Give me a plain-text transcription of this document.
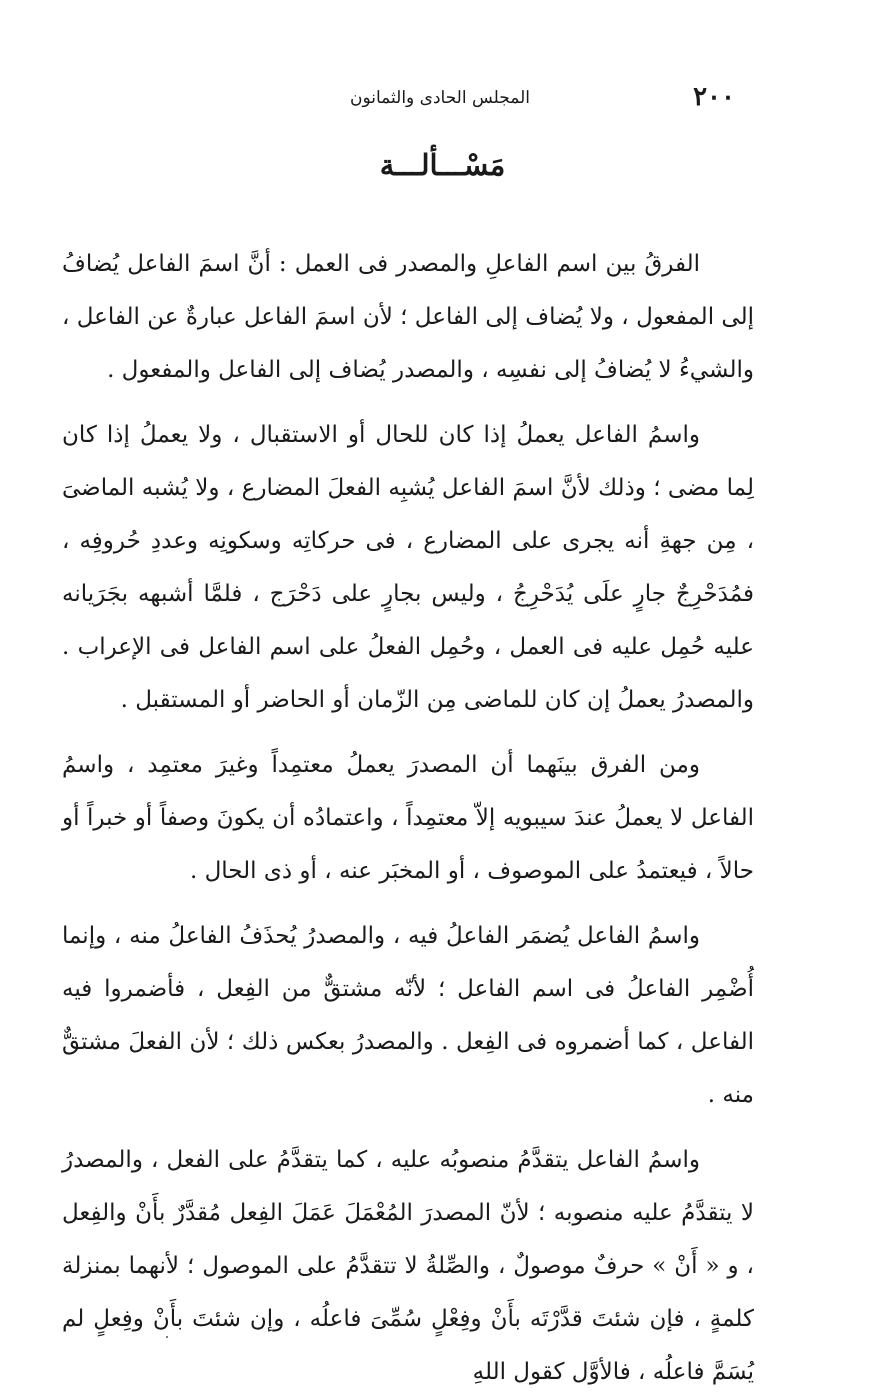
٢٠٠
المجلس الحادى والثمانون
مَسْـــألـــة

الفرقُ بين اسم الفاعلِ والمصدر فى العمل : أنَّ اسمَ الفاعل يُضافُ إلى المفعول ، ولا يُضاف إلى الفاعل ؛ لأن اسمَ الفاعل عبارةٌ عن الفاعل ، والشيءُ لا يُضافُ إلى نفسِه ، والمصدر يُضاف إلى الفاعل والمفعول .

واسمُ الفاعل يعملُ إذا كان للحال أو الاستقبال ، ولا يعملُ إذا كان لِما مضى ؛ وذلك لأنَّ اسمَ الفاعل يُشبِه الفعلَ المضارع ، ولا يُشبه الماضىَ ، مِن جهةِ أنه يجرى على المضارع ، فى حركاتِه وسكونِه وعددِ حُروفِه ، فمُدَحْرِجٌ جارٍ علَى يُدَحْرِجُ ، وليس بجارٍ على دَحْرَج ، فلمَّا أشبهه بجَرَيانه عليه حُمِل عليه فى العمل ، وحُمِل الفعلُ على اسم الفاعل فى الإعراب . والمصدرُ يعملُ إن كان للماضى مِن الزّمان أو الحاضر أو المستقبل .

ومن الفرق بينَهما أن المصدرَ يعملُ معتمِداً وغيرَ معتمِد ، واسمُ الفاعل لا يعملُ عندَ سيبويه إلاّ معتمِداً ، واعتمادُه أن يكونَ وصفاً أو خبراً أو حالاً ، فيعتمدُ على الموصوف ، أو المخبَر عنه ، أو ذى الحال .

واسمُ الفاعل يُضمَر الفاعلُ فيه ، والمصدرُ يُحذَفُ الفاعلُ منه ، وإنما أُضْمِر الفاعلُ فى اسم الفاعل ؛ لأنّه مشتقٌّ من الفِعل ، فأضمروا فيه الفاعل ، كما أضمروه فى الفِعل . والمصدرُ بعكس ذلك ؛ لأن الفعلَ مشتقٌّ منه .

واسمُ الفاعل يتقدَّمُ منصوبُه عليه ، كما يتقدَّمُ على الفعل ، والمصدرُ لا يتقدَّمُ عليه منصوبه ؛ لأنّ المصدرَ المُعْمَلَ عَمَلَ الفِعل مُقدَّرٌ بأَنْ والفِعل ، و « أَنْ » حرفٌ موصولٌ ، والصِّلةُ لا تتقدَّمُ على الموصول ؛ لأنهما بمنزلة كلمةٍ ، فإن شئتَ قدَّرْتَه بأَنْ وفِعْلٍ سُمِّىَ فاعلُه ، وإن شئتَ بأَنْ وفِعلٍ لم يُسَمَّ فاعلُه ، فالأوَّل كقول اللهِ
